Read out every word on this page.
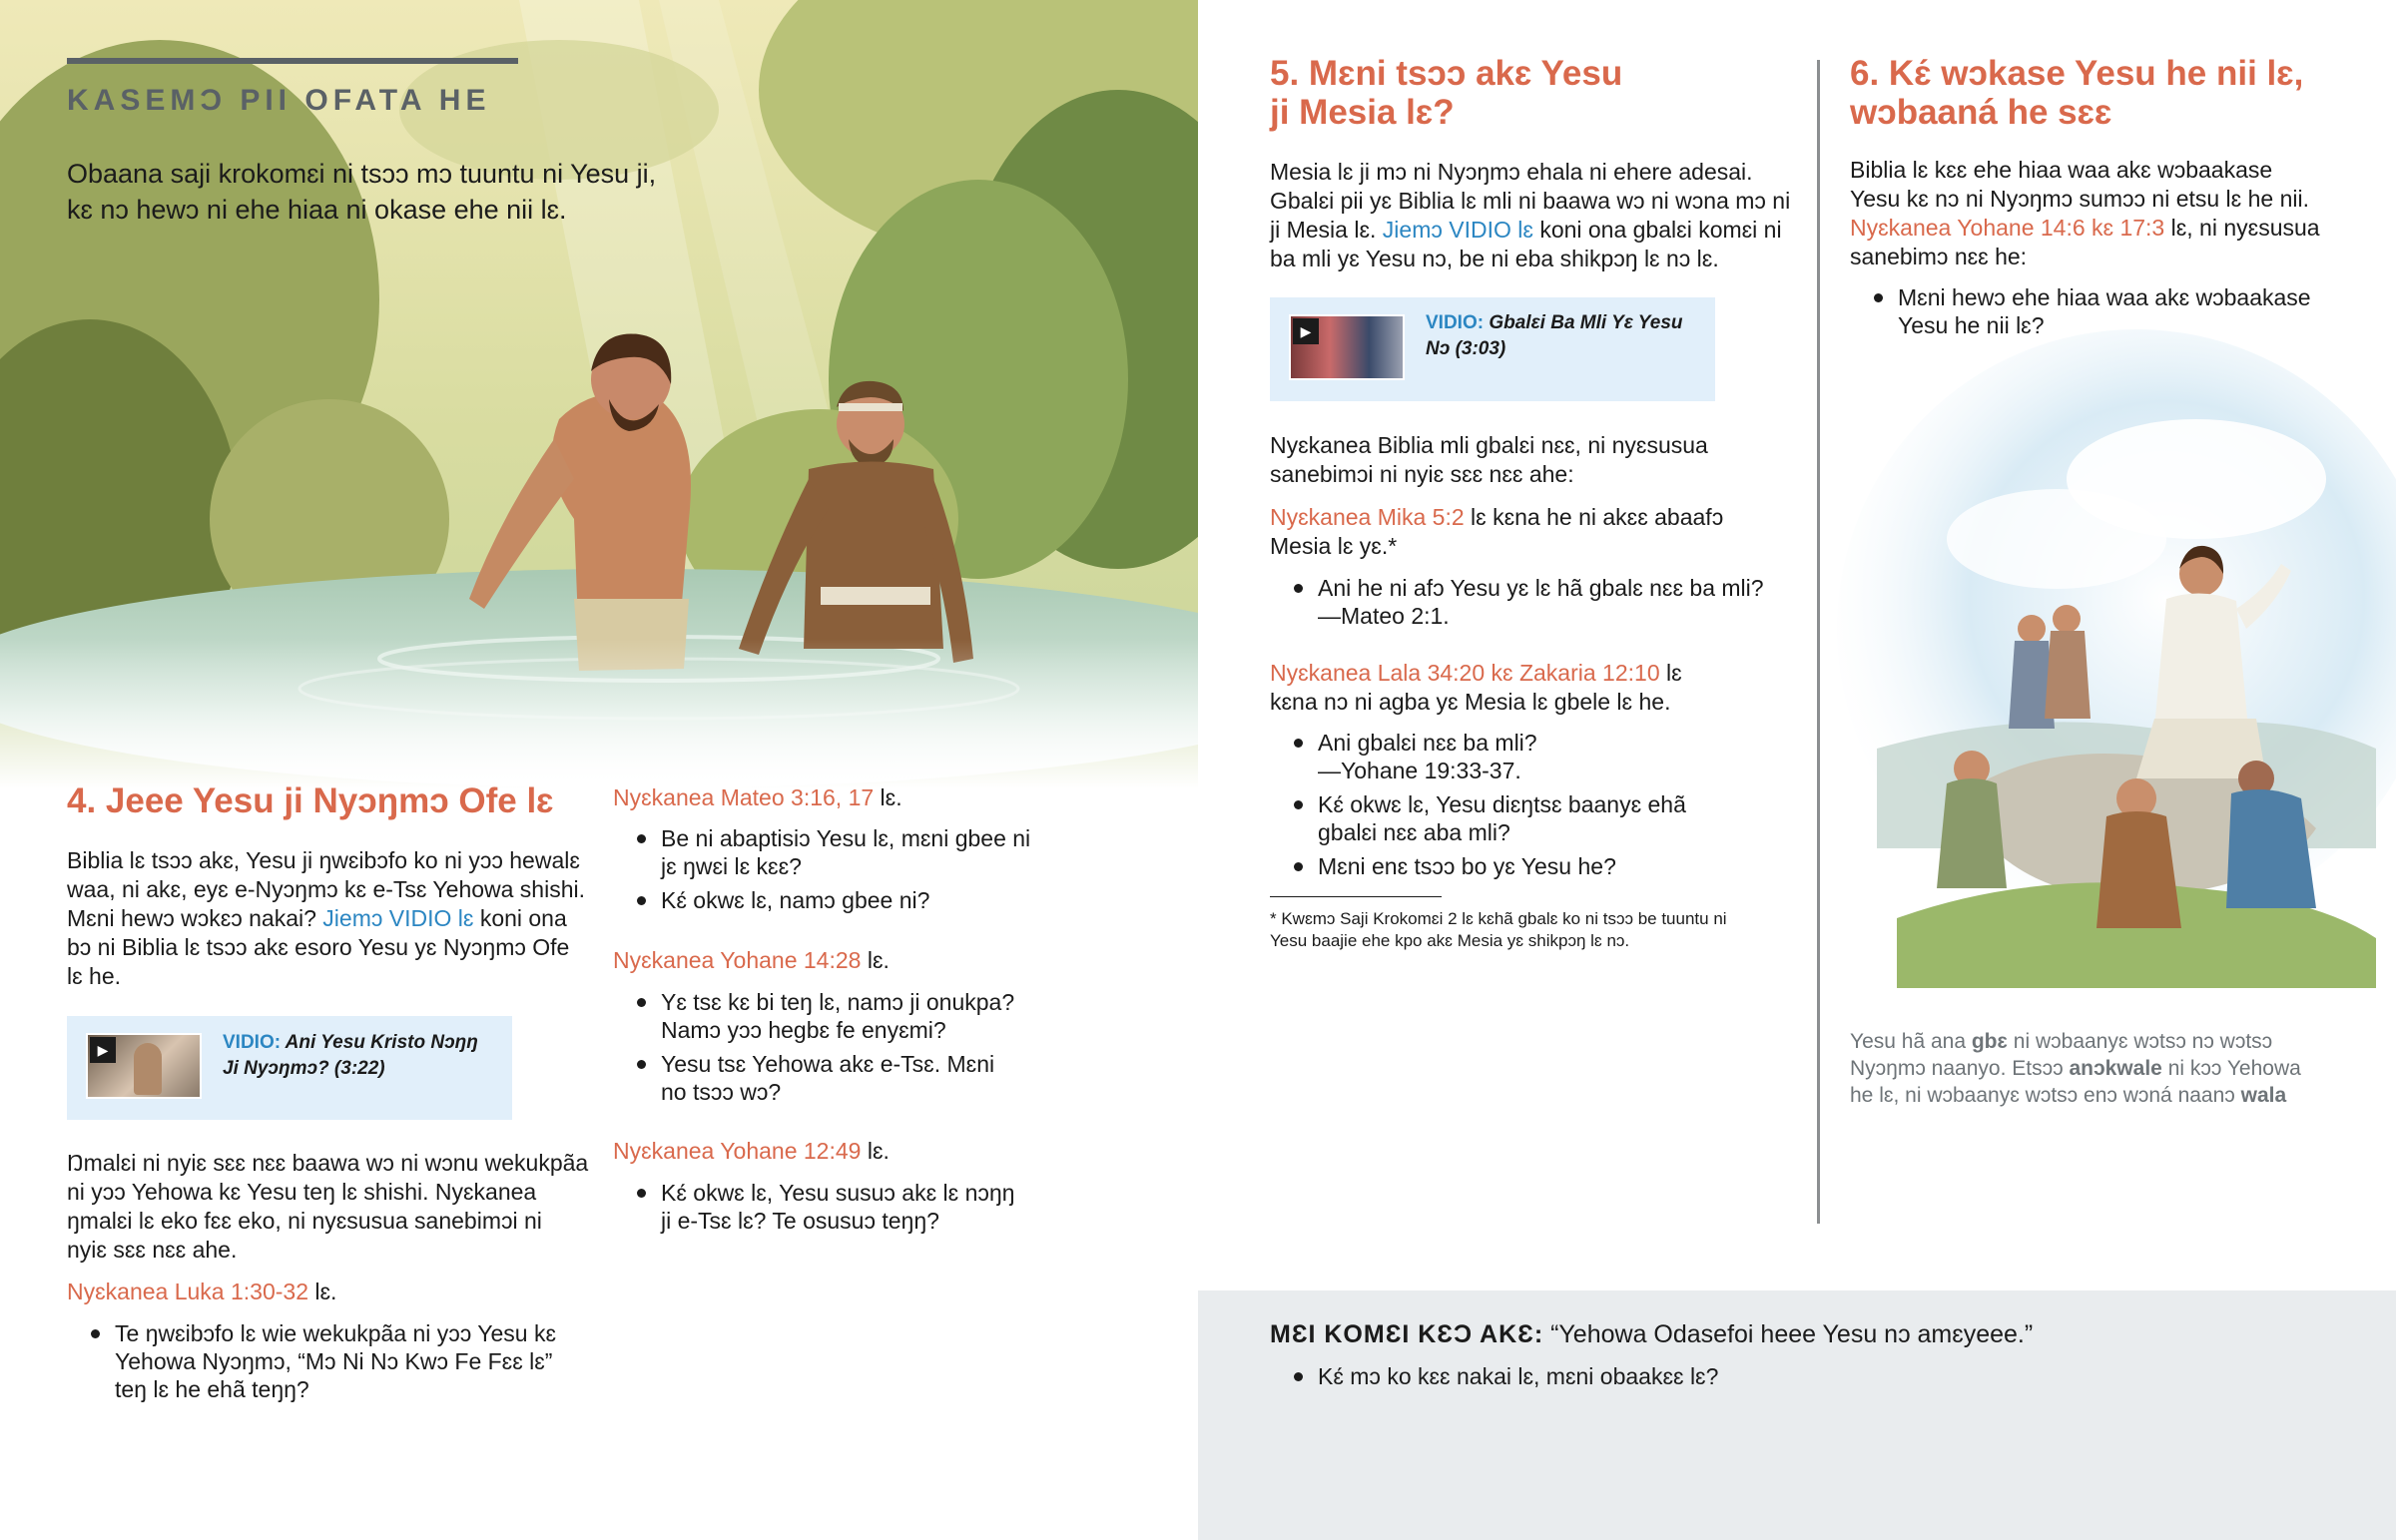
KASEMƆ PII OFATA HE
Obaana saji krokomɛi ni tsɔɔ mɔ tuuntu ni Yesu ji,
kɛ nɔ hewɔ ni ehe hiaa ni okase ehe nii lɛ.
4. Jeee Yesu ji Nyɔŋmɔ Ofe lɛ
Biblia lɛ tsɔɔ akɛ, Yesu ji ŋwɛibɔfo ko ni yɔɔ hewalɛ
waa, ni akɛ, eyɛ e-Nyɔŋmɔ kɛ e-Tsɛ Yehowa shishi.
Mɛni hewɔ wɔkɛɔ nakai? Jiemɔ VIDIO lɛ koni ona
bɔ ni Biblia lɛ tsɔɔ akɛ esoro Yesu yɛ Nyɔŋmɔ Ofe
lɛ he.
▶	VIDIO: Ani Yesu Kristo Nɔŋŋ
Ji Nyɔŋmɔ? (3:22)
Ŋmalɛi ni nyiɛ sɛɛ nɛɛ baawa wɔ ni wɔnu wekukpãa
ni yɔɔ Yehowa kɛ Yesu teŋ lɛ shishi. Nyɛkanea
ŋmalɛi lɛ eko fɛɛ eko, ni nyɛsusua sanebimɔi ni
nyiɛ sɛɛ nɛɛ ahe.
Nyɛkanea Luka 1:30-32 lɛ.
Te ŋwɛibɔfo lɛ wie wekukpãa ni yɔɔ Yesu kɛ
Yehowa Nyɔŋmɔ, “Mɔ Ni Nɔ Kwɔ Fe Fɛɛ lɛ”
teŋ lɛ he ehã teŋŋ?
Nyɛkanea Mateo 3:16, 17 lɛ.
Be ni abaptisiɔ Yesu lɛ, mɛni gbee ni
jɛ ŋwɛi lɛ kɛɛ?
Kɛ́ okwɛ lɛ, namɔ gbee ni?
Nyɛkanea Yohane 14:28 lɛ.
Yɛ tsɛ kɛ bi teŋ lɛ, namɔ ji onukpa?
Namɔ yɔɔ hegbɛ fe enyɛmi?
Yesu tsɛ Yehowa akɛ e-Tsɛ. Mɛni
no tsɔɔ wɔ?
Nyɛkanea Yohane 12:49 lɛ.
Kɛ́ okwɛ lɛ, Yesu susuɔ akɛ lɛ nɔŋŋ
ji e-Tsɛ lɛ? Te osusuɔ teŋŋ?
5. Mɛni tsɔɔ akɛ Yesu
ji Mesia lɛ?
Mesia lɛ ji mɔ ni Nyɔŋmɔ ehala ni ehere adesai.
Gbalɛi pii yɛ Biblia lɛ mli ni baawa wɔ ni wɔna mɔ ni
ji Mesia lɛ. Jiemɔ VIDIO lɛ koni ona gbalɛi komɛi ni
ba mli yɛ Yesu nɔ, be ni eba shikpɔŋ lɛ nɔ lɛ.
▶	VIDIO: Gbalɛi Ba Mli Yɛ Yesu
Nɔ (3:03)
Nyɛkanea Biblia mli gbalɛi nɛɛ, ni nyɛsusua
sanebimɔi ni nyiɛ sɛɛ nɛɛ ahe:
Nyɛkanea Mika 5:2 lɛ kɛna he ni akɛɛ abaafɔ
Mesia lɛ yɛ.*
Ani he ni afɔ Yesu yɛ lɛ hã gbalɛ nɛɛ ba mli?
—Mateo 2:1.
Nyɛkanea Lala 34:20 kɛ Zakaria 12:10 lɛ
kɛna nɔ ni agba yɛ Mesia lɛ gbele lɛ he.
Ani gbalɛi nɛɛ ba mli?
—Yohane 19:33-37.
Kɛ́ okwɛ lɛ, Yesu diɛŋtsɛ baanyɛ ehã
gbalɛi nɛɛ aba mli?
Mɛni enɛ tsɔɔ bo yɛ Yesu he?
* Kwɛmɔ Saji Krokomɛi 2 lɛ kɛhã gbalɛ ko ni tsɔɔ be tuuntu ni
Yesu baajie ehe kpo akɛ Mesia yɛ shikpɔŋ lɛ nɔ.
6. Kɛ́ wɔkase Yesu he nii lɛ,
wɔbaaná he sɛɛ
Biblia lɛ kɛɛ ehe hiaa waa akɛ wɔbaakase
Yesu kɛ nɔ ni Nyɔŋmɔ sumɔɔ ni etsu lɛ he nii.
Nyɛkanea Yohane 14:6 kɛ 17:3 lɛ, ni nyɛsusua
sanebimɔ nɛɛ he:
Mɛni hewɔ ehe hiaa waa akɛ wɔbaakase
Yesu he nii lɛ?
Yesu hã ana gbɛ ni wɔbaanyɛ wɔtsɔ nɔ wɔtsɔ
Nyɔŋmɔ naanyo. Etsɔɔ anɔkwale ni kɔɔ Yehowa
he lɛ, ni wɔbaanyɛ wɔtsɔ enɔ wɔná naanɔ wala
MƐI KOMƐI KƐƆ AKƐ: “Yehowa Odasefoi heee Yesu nɔ amɛyeee.”
Kɛ́ mɔ ko kɛɛ nakai lɛ, mɛni obaakɛɛ lɛ?
